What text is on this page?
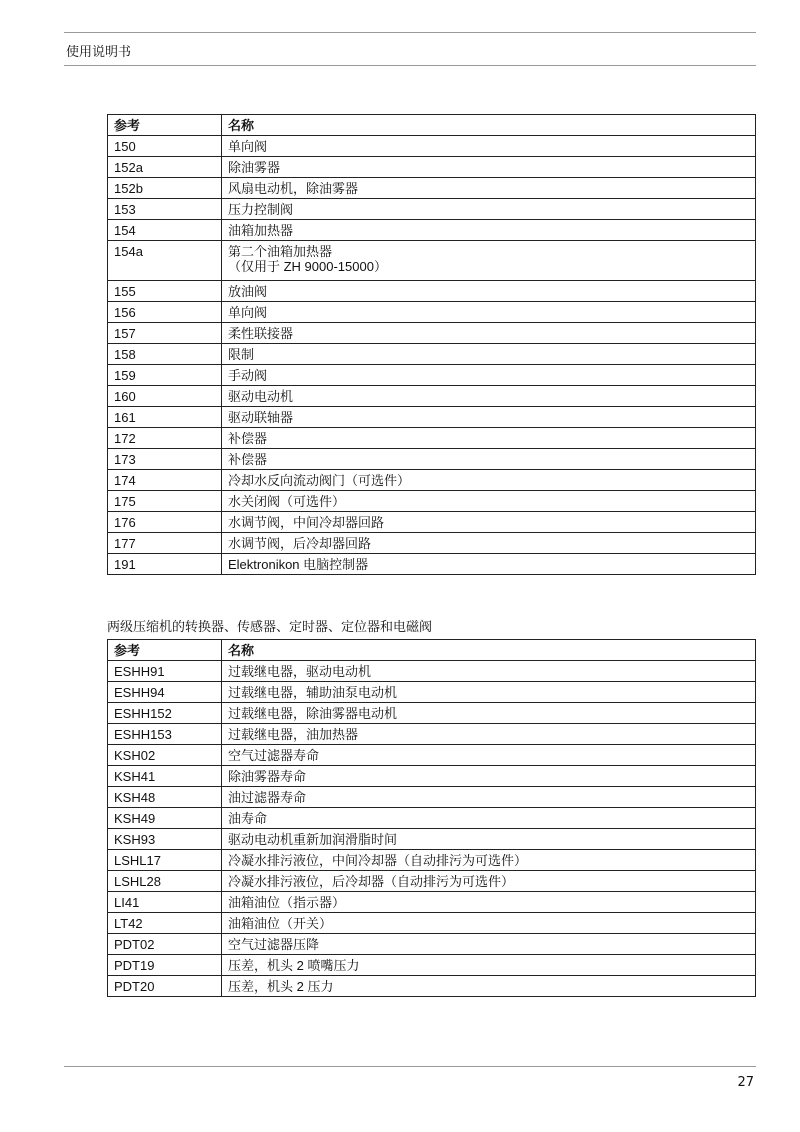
使用说明书
参考	名称
150	单向阀
152a	除油雾器
152b	风扇电动机，除油雾器
153	压力控制阀
154	油箱加热器
154a	第二个油箱加热器
（仅用于 ZH 9000-15000）

155	放油阀
156	单向阀
157	柔性联接器
158	限制
159	手动阀
160	驱动电动机
161	驱动联轴器
172	补偿器
173	补偿器
174	冷却水反向流动阀门（可选件）
175	水关闭阀（可选件）
176	水调节阀，中间冷却器回路
177	水调节阀，后冷却器回路
191	Elektronikon 电脑控制器
两级压缩机的转换器、传感器、定时器、定位器和电磁阀
参考	名称
ESHH91	过载继电器，驱动电动机
ESHH94	过载继电器，辅助油泵电动机
ESHH152	过载继电器，除油雾器电动机
ESHH153	过载继电器，油加热器
KSH02	空气过滤器寿命
KSH41	除油雾器寿命
KSH48	油过滤器寿命
KSH49	油寿命
KSH93	驱动电动机重新加润滑脂时间
LSHL17	冷凝水排污液位，中间冷却器（自动排污为可选件）
LSHL28	冷凝水排污液位，后冷却器（自动排污为可选件）
LI41	油箱油位（指示器）
LT42	油箱油位（开关）
PDT02	空气过滤器压降
PDT19	压差，机头 2 喷嘴压力
PDT20	压差，机头 2 压力
27
